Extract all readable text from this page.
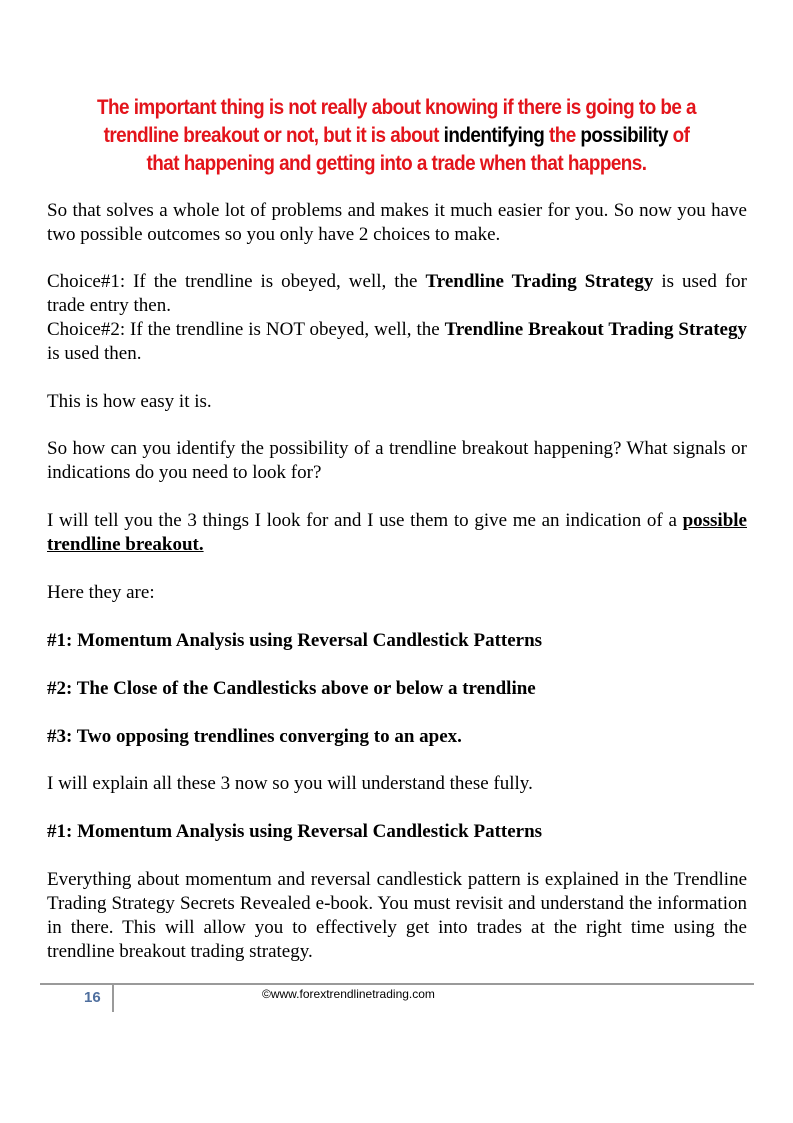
The important thing is not really about knowing if there is going to be a
trendline breakout or not, but it is about indentifying the possibility of
that happening and getting into a trade when that happens.

So that solves a whole lot of problems and makes it much easier for you. So now you have two possible outcomes so you only have 2 choices to make.

Choice#1: If the trendline is obeyed, well, the Trendline Trading Strategy is used for trade entry then.

Choice#2: If the trendline is NOT obeyed, well, the Trendline Breakout Trading Strategy is used then.

This is how easy it is.

So how can you identify the possibility of a trendline breakout happening? What signals or indications do you need to look for?

I will tell you the 3 things I look for and I use them to give me an indication of a possible trendline breakout.

Here they are:

#1: Momentum Analysis using Reversal Candlestick Patterns

#2: The Close of the Candlesticks above or below a trendline

#3: Two opposing trendlines converging to an apex.

I will explain all these 3 now so you will understand these fully.

#1: Momentum Analysis using Reversal Candlestick Patterns

Everything about momentum and reversal candlestick pattern is explained in the Trendline Trading Strategy Secrets Revealed e-book. You must revisit and understand the information in there. This will allow you to effectively get into trades at the right time using the trendline breakout trading strategy.

16	©www.forextrendlinetrading.com
